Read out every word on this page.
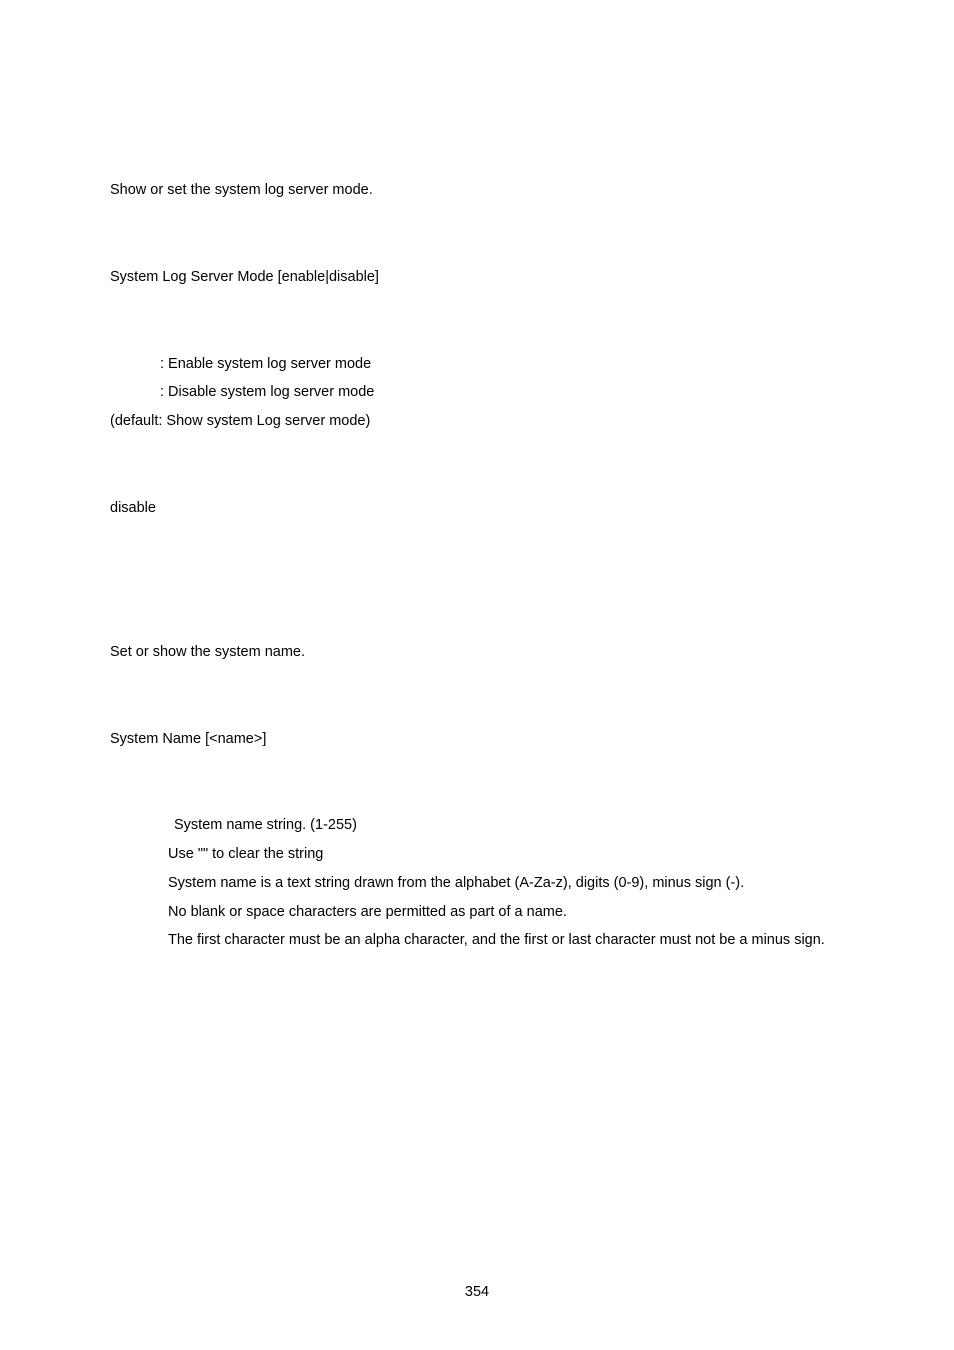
Show or set the system log server mode.
System Log Server Mode [enable|disable]
: Enable system log server mode
: Disable system log server mode
(default: Show system Log server mode)
disable
Set or show the system name.
System Name [<name>]
System name string. (1-255)
Use "" to clear the string
System name is a text string drawn from the alphabet (A-Za-z), digits (0-9), minus sign (-).
No blank or space characters are permitted as part of a name.
The first character must be an alpha character, and the first or last character must not be a minus sign.
354
